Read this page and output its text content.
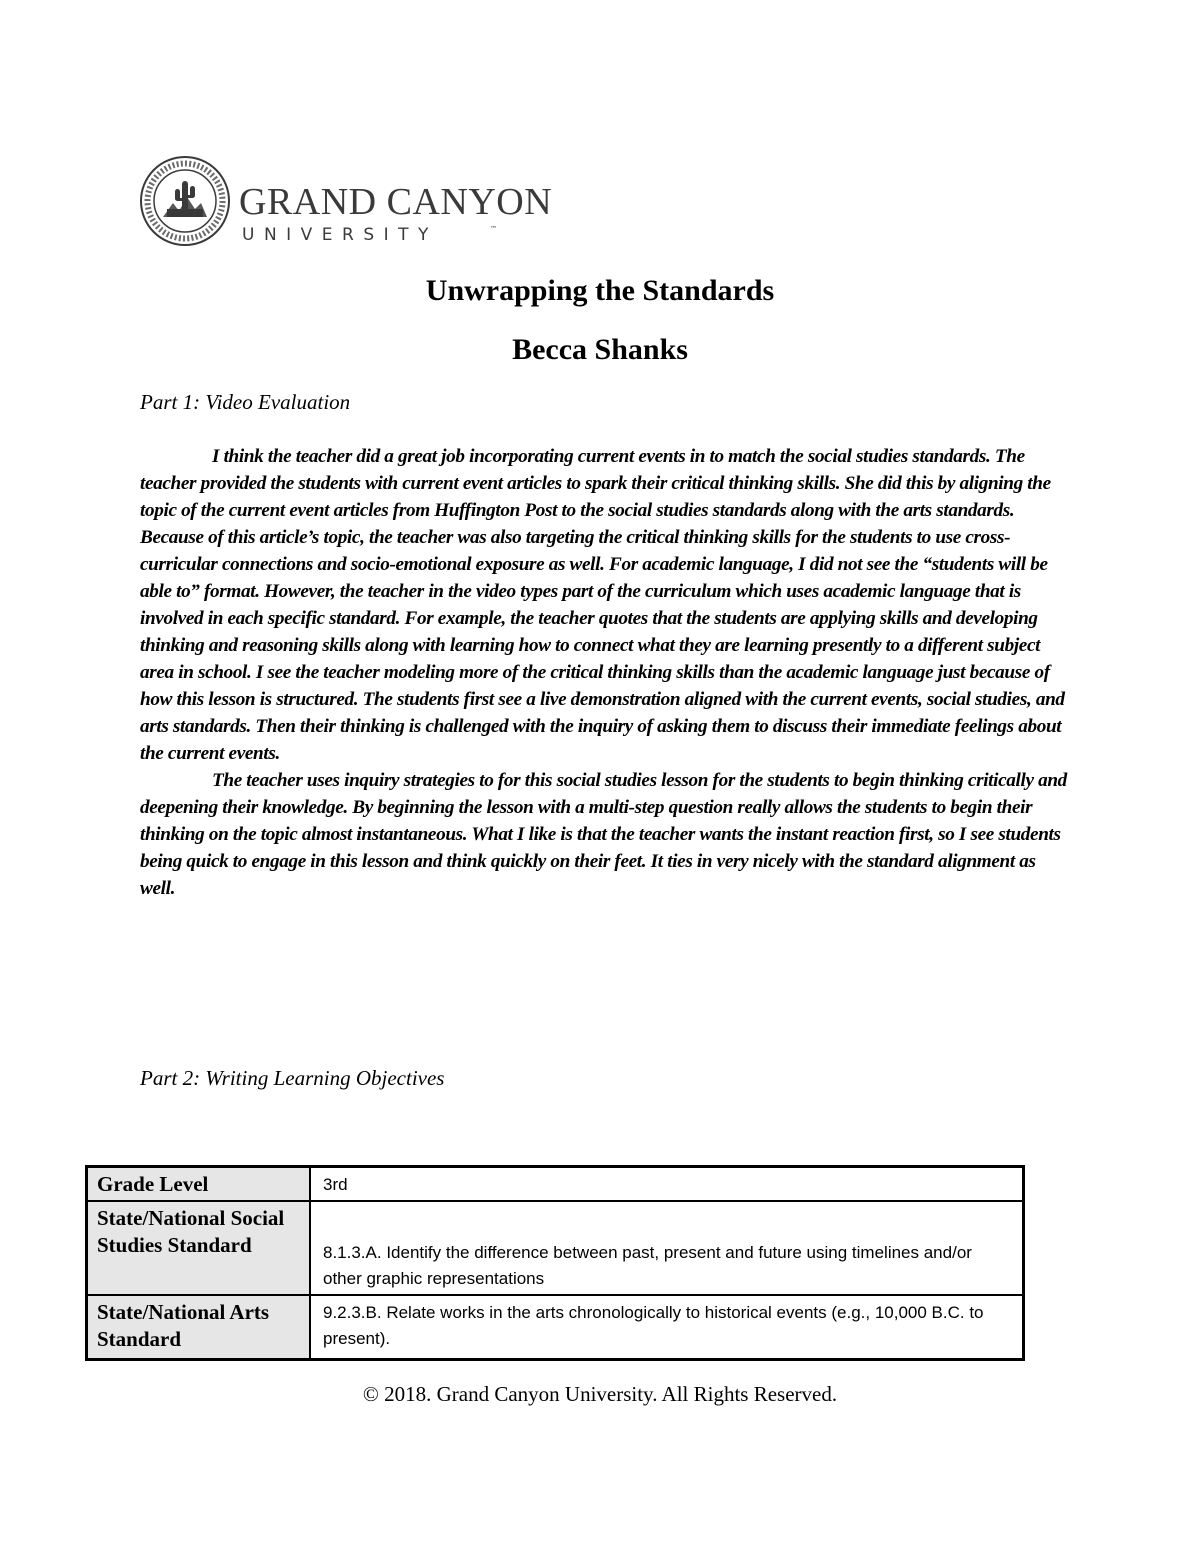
GRAND CANYON
UNIVERSITY	™
Unwrapping the Standards
Becca Shanks
Part 1: Video Evaluation

I think the teacher did a great job incorporating current events in to match the social studies standards. The teacher provided the students with current event articles to spark their critical thinking skills. She did this by aligning the topic of the current event articles from Huffington Post to the social studies standards along with the arts standards. Because of this article’s topic, the teacher was also targeting the critical thinking skills for the students to use cross-curricular connections and socio-emotional exposure as well. For academic language, I did not see the “students will be able to” format. However, the teacher in the video types part of the curriculum which uses academic language that is involved in each specific standard. For example, the teacher quotes that the students are applying skills and developing thinking and reasoning skills along with learning how to connect what they are learning presently to a different subject area in school. I see the teacher modeling more of the critical thinking skills than the academic language just because of how this lesson is structured. The students first see a live demonstration aligned with the current events, social studies, and arts standards. Then their thinking is challenged with the inquiry of asking them to discuss their immediate feelings about the current events.

The teacher uses inquiry strategies to for this social studies lesson for the students to begin thinking critically and deepening their knowledge. By beginning the lesson with a multi-step question really allows the students to begin their thinking on the topic almost instantaneous. What I like is that the teacher wants the instant reaction first, so I see students being quick to engage in this lesson and think quickly on their feet. It ties in very nicely with the standard alignment as well.

Part 2: Writing Learning Objectives
Grade Level	3rd
State/National Social Studies Standard	8.1.3.A. Identify the difference between past, present and future using timelines and/or other graphic representations
State/National Arts Standard	9.2.3.B. Relate works in the arts chronologically to historical events (e.g., 10,000 B.C. to present).
© 2018. Grand Canyon University. All Rights Reserved.
